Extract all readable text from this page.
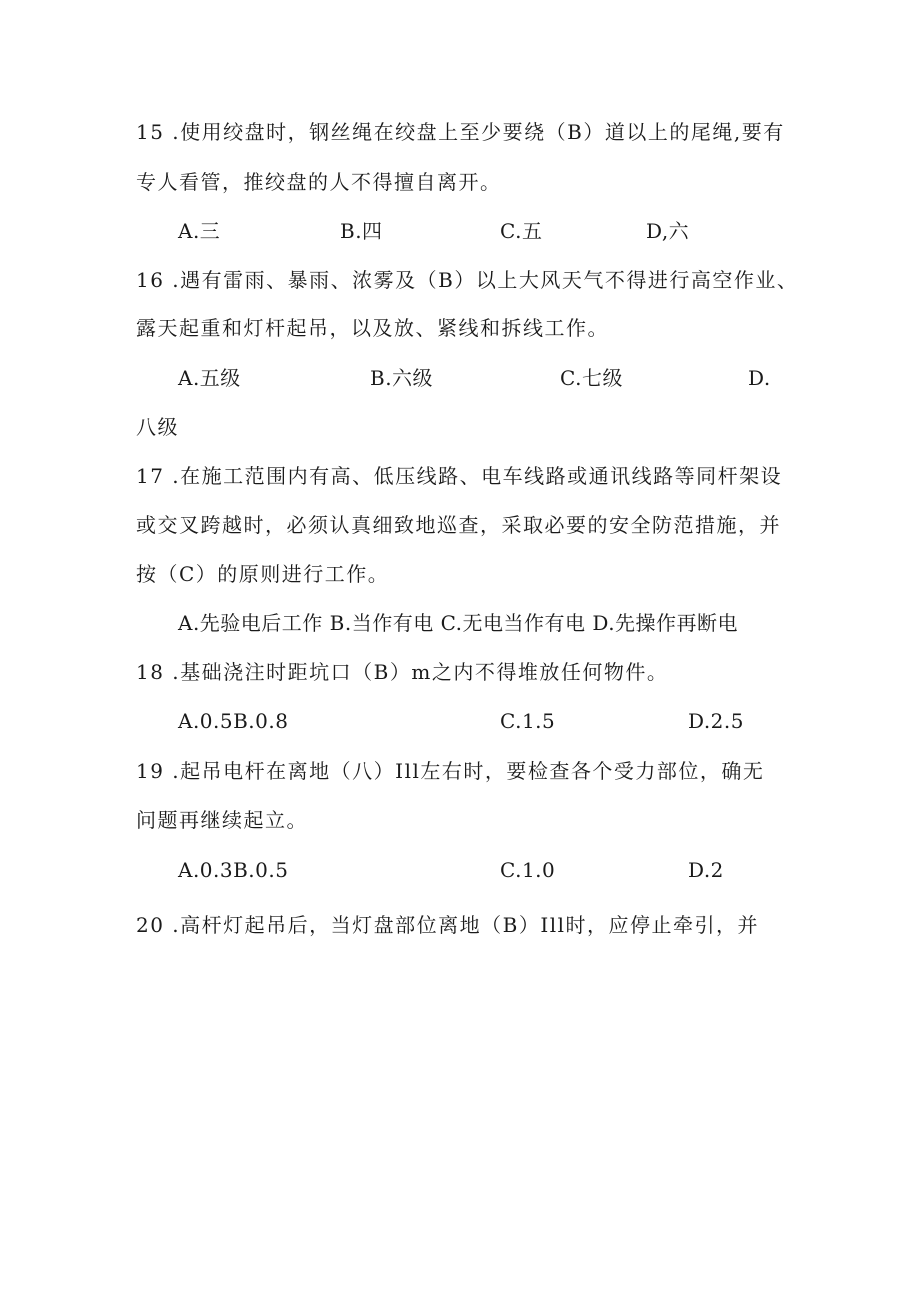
15 .使用绞盘时，钢丝绳在绞盘上至少要绕（B）道以上的尾绳,要有
专人看管，推绞盘的人不得擅自离开。
A.三	B.四	C.五	D,六
16 .遇有雷雨、暴雨、浓雾及（B）以上大风天气不得进行高空作业、
露天起重和灯杆起吊，以及放、紧线和拆线工作。
A.五级	B.六级	C.七级	D.
八级
17 .在施工范围内有高、低压线路、电车线路或通讯线路等同杆架设
或交叉跨越时，必须认真细致地巡查，采取必要的安全防范措施，并
按（C）的原则进行工作。
A.先验电后工作 B.当作有电 C.无电当作有电 D.先操作再断电
18 .基础浇注时距坑口（B）m之内不得堆放任何物件。
A.0.5B.0.8	C.1.5	D.2.5
19 .起吊电杆在离地（八）Ill左右时，要检查各个受力部位，确无
问题再继续起立。
A.0.3B.0.5	C.1.0	D.2
20 .高杆灯起吊后，当灯盘部位离地（B）Ill时，应停止牵引，并
